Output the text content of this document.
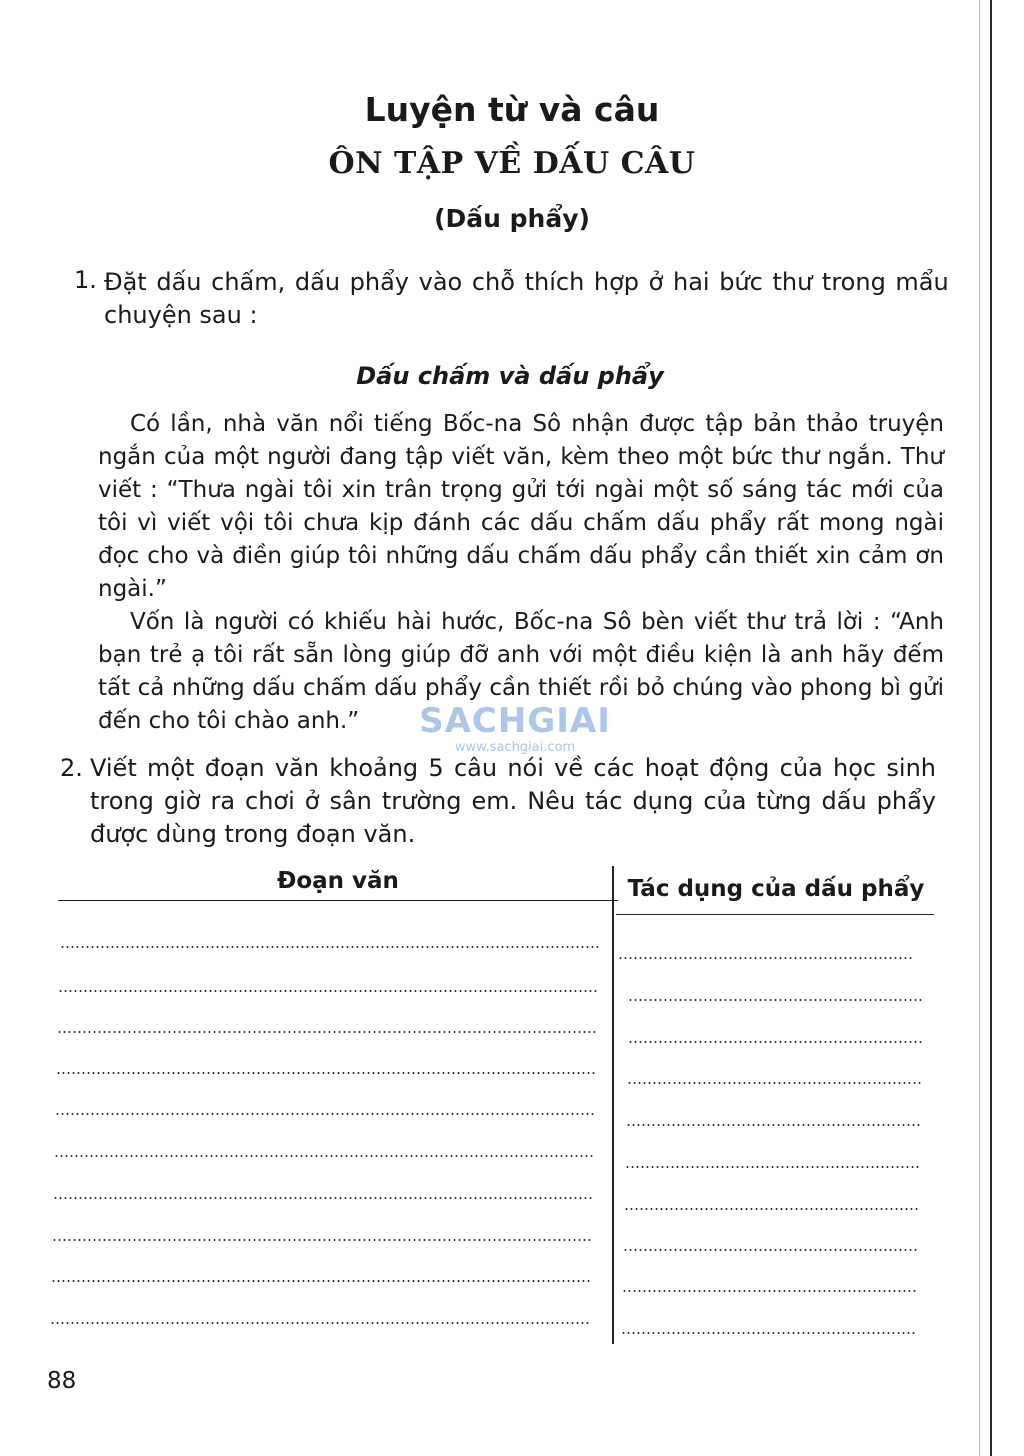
Luyện từ và câu
ÔN TẬP VỀ DẤU CÂU
(Dấu phẩy)
1. Đặt dấu chấm, dấu phẩy vào chỗ thích hợp ở hai bức thư trong mẩu
chuyện sau :
Dấu chấm và dấu phẩy
Có lần, nhà văn nổi tiếng Bốc-na Sô nhận được tập bản thảo truyện ngắn của một người đang tập viết văn, kèm theo một bức thư ngắn. Thư viết : “Thưa ngài tôi xin trân trọng gửi tới ngài một số sáng tác mới của tôi vì viết vội tôi chưa kịp đánh các dấu chấm dấu phẩy rất mong ngài đọc cho và điền giúp tôi những dấu chấm dấu phẩy cần thiết xin cảm ơn ngài.”
Vốn là người có khiếu hài hước, Bốc-na Sô bèn viết thư trả lời : “Anh bạn trẻ ạ tôi rất sẵn lòng giúp đỡ anh với một điều kiện là anh hãy đếm tất cả những dấu chấm dấu phẩy cần thiết rồi bỏ chúng vào phong bì gửi đến cho tôi chào anh.”	SACHGIAI
www.sachgiai.com
2. Viết một đoạn văn khoảng 5 câu nói về các hoạt động của học sinh trong giờ ra chơi ở sân trường em. Nêu tác dụng của từng dấu phẩy được dùng trong đoạn văn.
Đoạn văn	Tác dụng của dấu phẩy
88
